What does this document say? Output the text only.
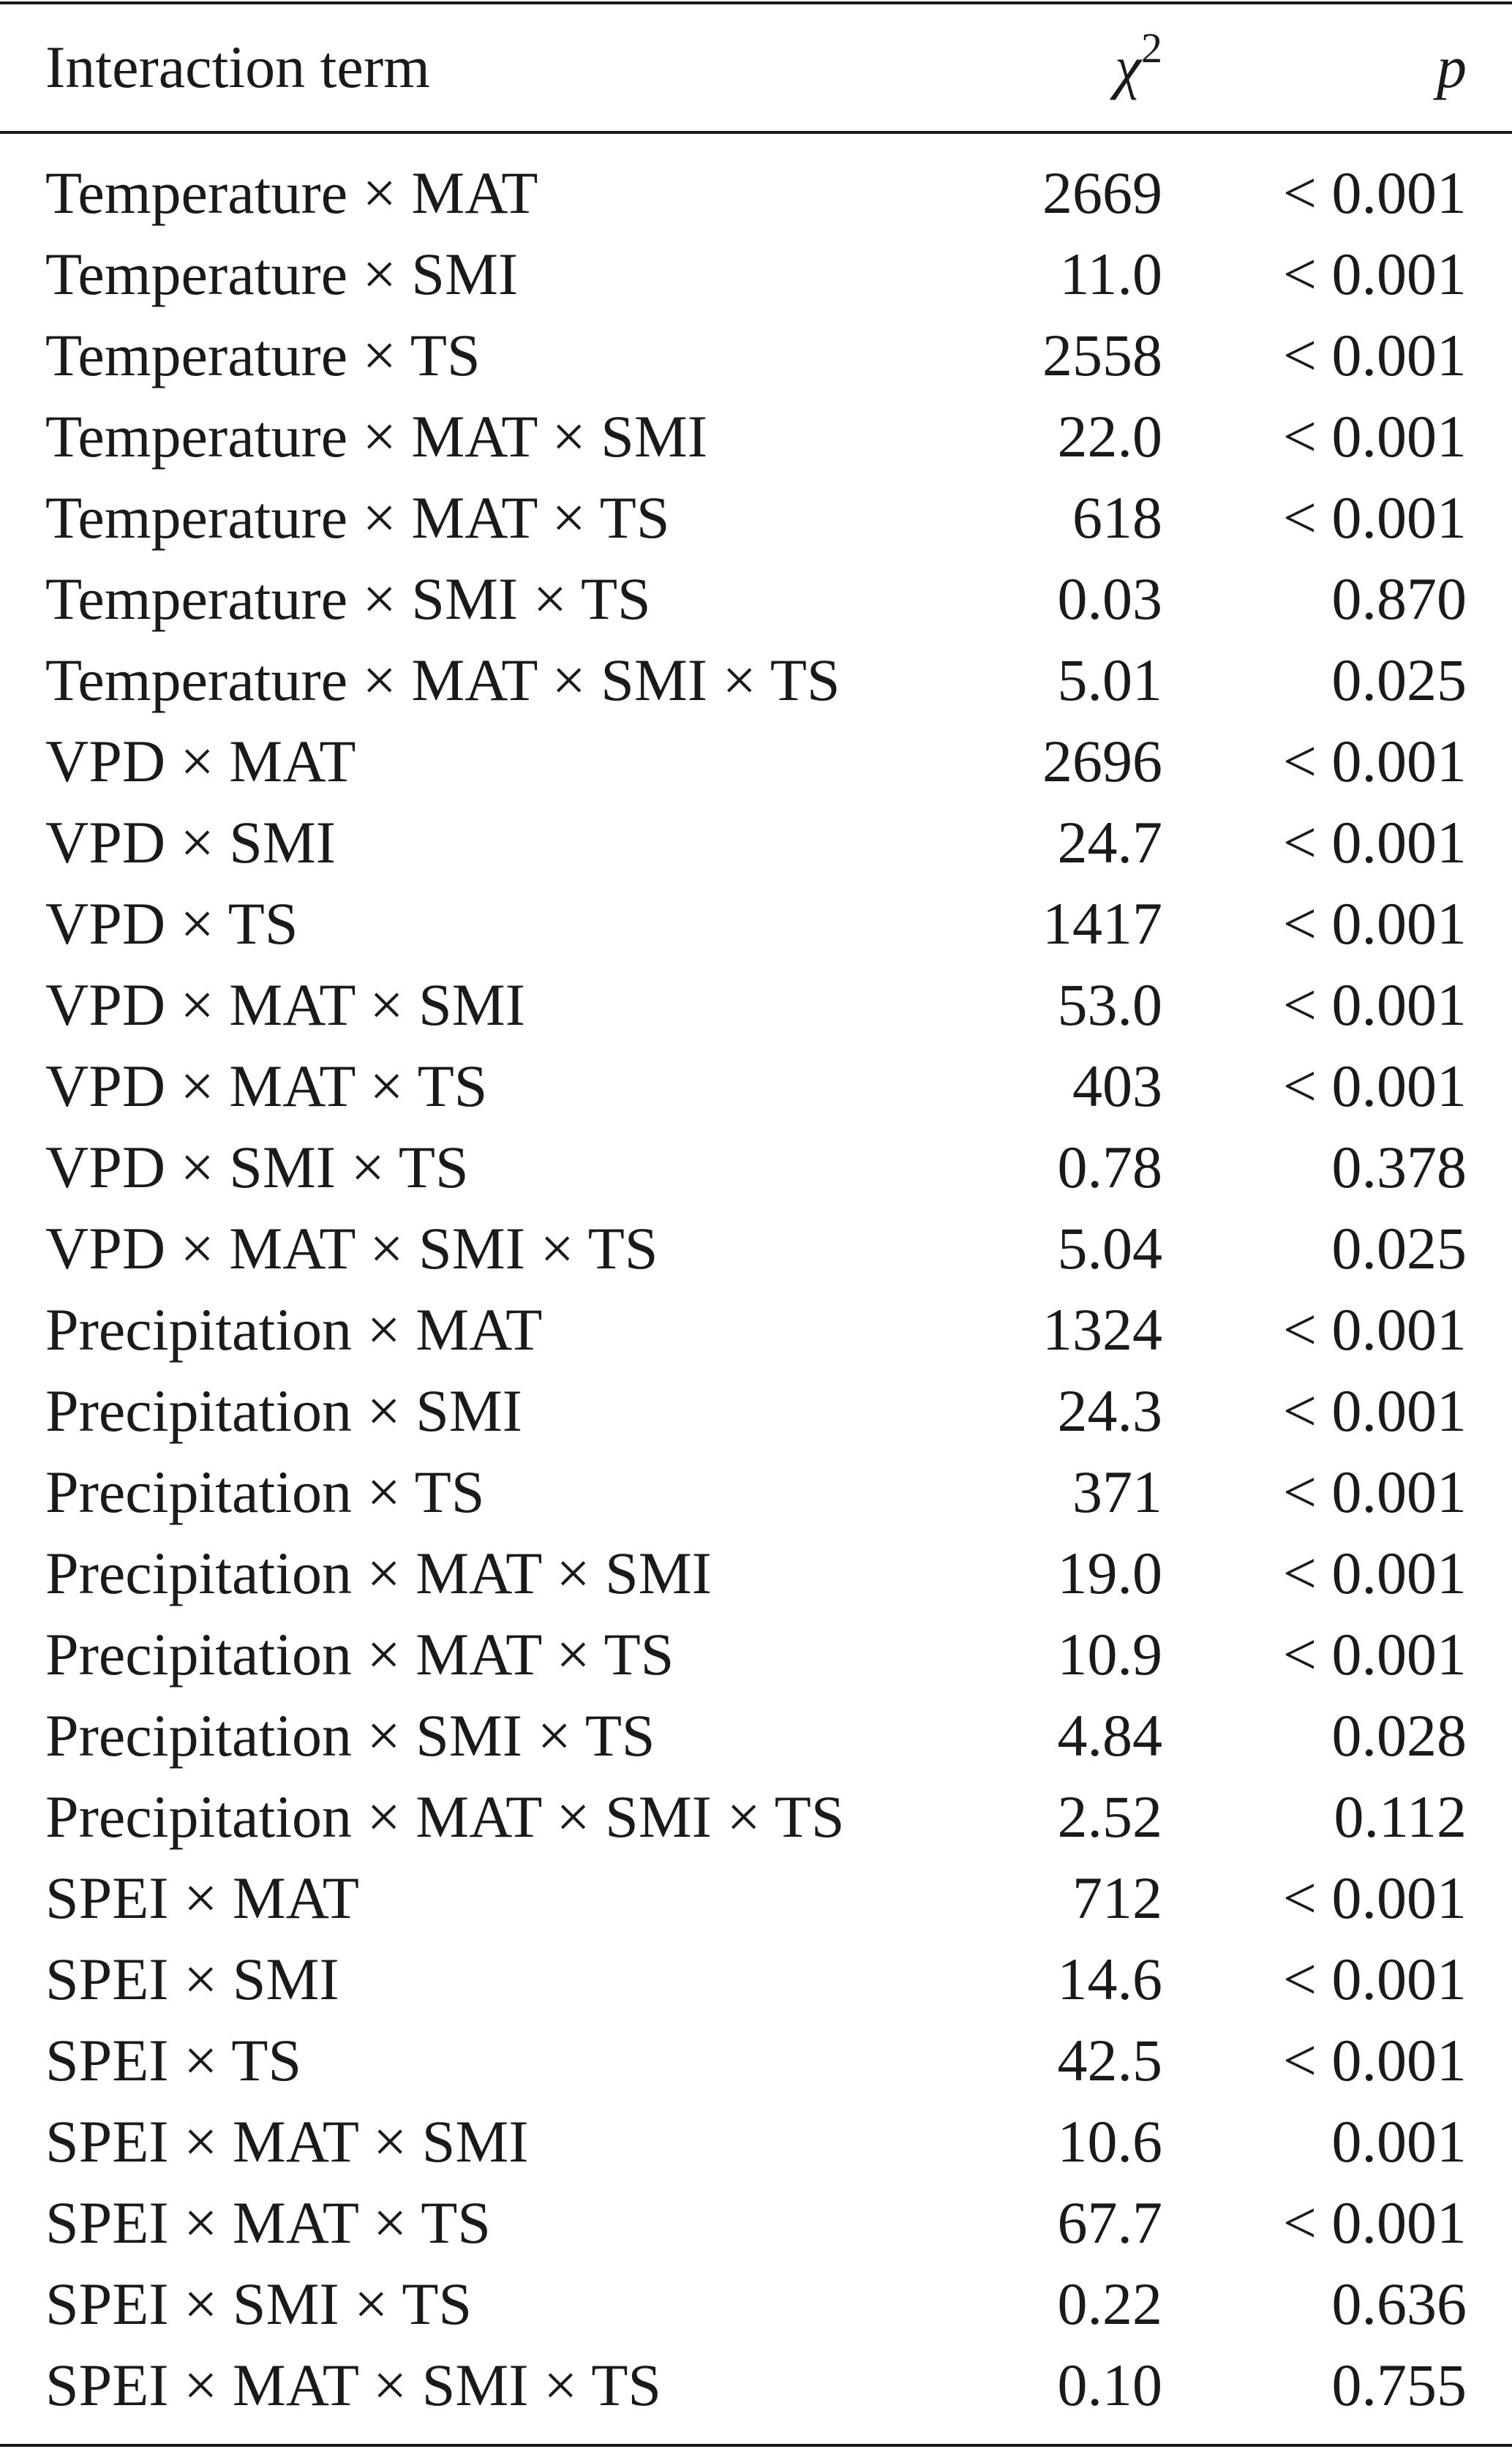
Interaction term	$\chi^2$	p
Temperature × MAT	2669 < 0.001
Temperature × SMI	11.0 < 0.001
Temperature × TS	2558 < 0.001
Temperature × MAT × SMI	22.0 < 0.001
Temperature × MAT × TS	618 < 0.001
Temperature × SMI × TS	0.03	0.870
Temperature × MAT × SMI × TS	5.01	0.025
VPD × MAT	2696 < 0.001
VPD × SMI	24.7 < 0.001
VPD × TS	1417 < 0.001
VPD × MAT × SMI	53.0 < 0.001
VPD × MAT × TS	403 < 0.001
VPD × SMI × TS	0.78	0.378
VPD × MAT × SMI × TS	5.04	0.025
Precipitation × MAT	1324 < 0.001
Precipitation × SMI	24.3 < 0.001
Precipitation × TS	371 < 0.001
Precipitation × MAT × SMI	19.0 < 0.001
Precipitation × MAT × TS	10.9 < 0.001
Precipitation × SMI × TS	4.84	0.028
Precipitation × MAT × SMI × TS	2.52	0.112
SPEI × MAT	712 < 0.001
SPEI × SMI	14.6 < 0.001
SPEI × TS	42.5 < 0.001
SPEI × MAT × SMI	10.6	0.001
SPEI × MAT × TS	67.7 < 0.001
SPEI × SMI × TS	0.22	0.636
SPEI × MAT × SMI × TS	0.10	0.755
